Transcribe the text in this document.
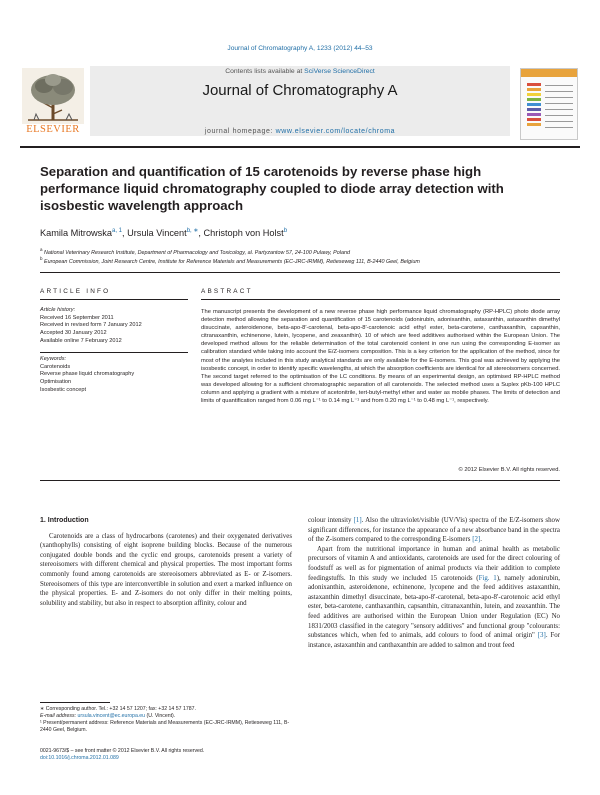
Journal of Chromatography A, 1233 (2012) 44–53
ELSEVIER
Contents lists available at SciVerse ScienceDirect
Journal of Chromatography A
journal homepage: www.elsevier.com/locate/chroma
Separation and quantification of 15 carotenoids by reverse phase high performance liquid chromatography coupled to diode array detection with isosbestic wavelength approach
Kamila Mitrowska$^{a, 1}$, Ursula Vincent$^{b, ∗}$, Christoph von Holst$^b$
$^a$ National Veterinary Research Institute, Department of Pharmacology and Toxicology, al. Partyzantow 57, 24-100 Pulawy, Poland
$^b$ European Commission, Joint Research Centre, Institute for Reference Materials and Measurements (EC-JRC-IRMM), Retieseweg 111, B-2440 Geel, Belgium
ARTICLE INFO
Article history:
Received 16 September 2011
Received in revised form 7 January 2012
Accepted 30 January 2012
Available online 7 February 2012
Keywords:
Carotenoids
Reverse phase liquid chromatography
Optimisation
Isosbestic concept
ABSTRACT
The manuscript presents the development of a new reverse phase high performance liquid chromatography (RP-HPLC) photo diode array detection method allowing the separation and quantification of 15 carotenoids (adonirubin, adonixanthin, astaxanthin, astaxanthin dimethyl disuccinate, asteroidenone, beta-apo-8′-carotenal, beta-apo-8′-carotenoic acid ethyl ester, beta-carotene, canthaxanthin, capsanthin, citranaxanthin, echinenone, lutein, lycopene, and zeaxanthin). 10 of which are feed additives authorised within the European Union. The developed method allows for the reliable determination of the total carotenoid content in one run using the corresponding E-isomer as calibration standard while taking into account the E/Z-isomers composition. This is a key criterion for the application of the method, since for most of the analytes included in this study analytical standards are only available for the E-isomers. This goal was achieved by applying the isosbestic concept, in order to identify specific wavelengths, at which the absorption coefficients are identical for all stereoisomers concerned. The second target referred to the optimisation of the LC conditions. By means of an experimental design, an optimised RP-HPLC method was developed allowing for a sufficient chromatographic separation of all carotenoids. The selected method uses a Suplex pKb-100 HPLC column and applying a gradient with a mixture of acetonitrile, tert-butyl-methyl ether and water as mobile phases. The limits of detection and limits of quantification ranged from 0.06 mg L⁻¹ to 0.14 mg L⁻¹ and from 0.20 mg L⁻¹ to 0.48 mg L⁻¹, respectively.
© 2012 Elsevier B.V. All rights reserved.
1. Introduction

Carotenoids are a class of hydrocarbons (carotenes) and their oxygenated derivatives (xanthophylls) consisting of eight isoprene building blocks. Because of the numerous conjugated double bonds and the cyclic end groups, carotenoids present a variety of stereoisomers with different chemical and physical properties. The most important forms commonly found among carotenoids are stereoisomers abbreviated as E- or Z-isomers. Stereoisomers of this type are interconvertible in solution and exert a marked influence on the physical properties. E- and Z-isomers do not only differ in their melting points, solubility and stability, but also in respect to absorption affinity, colour and

colour intensity [1]. Also the ultraviolet/visible (UV/Vis) spectra of the E/Z-isomers show significant differences, for instance the appearance of a new absorbance band in the spectra of the Z-isomers compared to the corresponding E-isomers [2].

Apart from the nutritional importance in human and animal health as metabolic precursors of vitamin A and antioxidants, carotenoids are used for the direct colouring of foodstuff as well as for pigmentation of animal products via their addition to complete feedingstuffs. In this study we included 15 carotenoids (Fig. 1), namely adonirubin, adonixanthin, asteroidenone, echinenone, lycopene and the feed additives astaxanthin, astaxanthin dimethyl disuccinate, beta-apo-8′-carotenal, beta-apo-8′-carotenoic acid ethyl ester, beta-carotene, canthaxanthin, capsanthin, citranaxanthin, lutein, and zeaxanthin. The feed additives are authorised within the European Union under Regulation (EC) No 1831/2003 classified in the category "sensory additives" and functional group "colourants: substances which, when fed to animals, add colours to food of animal origin" [3]. For instance, astaxanthin and canthaxanthin are added to salmon and trout feed

∗ Corresponding author. Tel.: +32 14 57 1207; fax: +32 14 57 1787.
E-mail address: ursula.vincent@ec.europa.eu (U. Vincent).
¹ Present/permanent address: Reference Materials and Measurements (EC-JRC-IRMM), Retieseweg 111, B-2440 Geel, Belgium.
0021-9673/$ – see front matter © 2012 Elsevier B.V. All rights reserved.
doi:10.1016/j.chroma.2012.01.089
